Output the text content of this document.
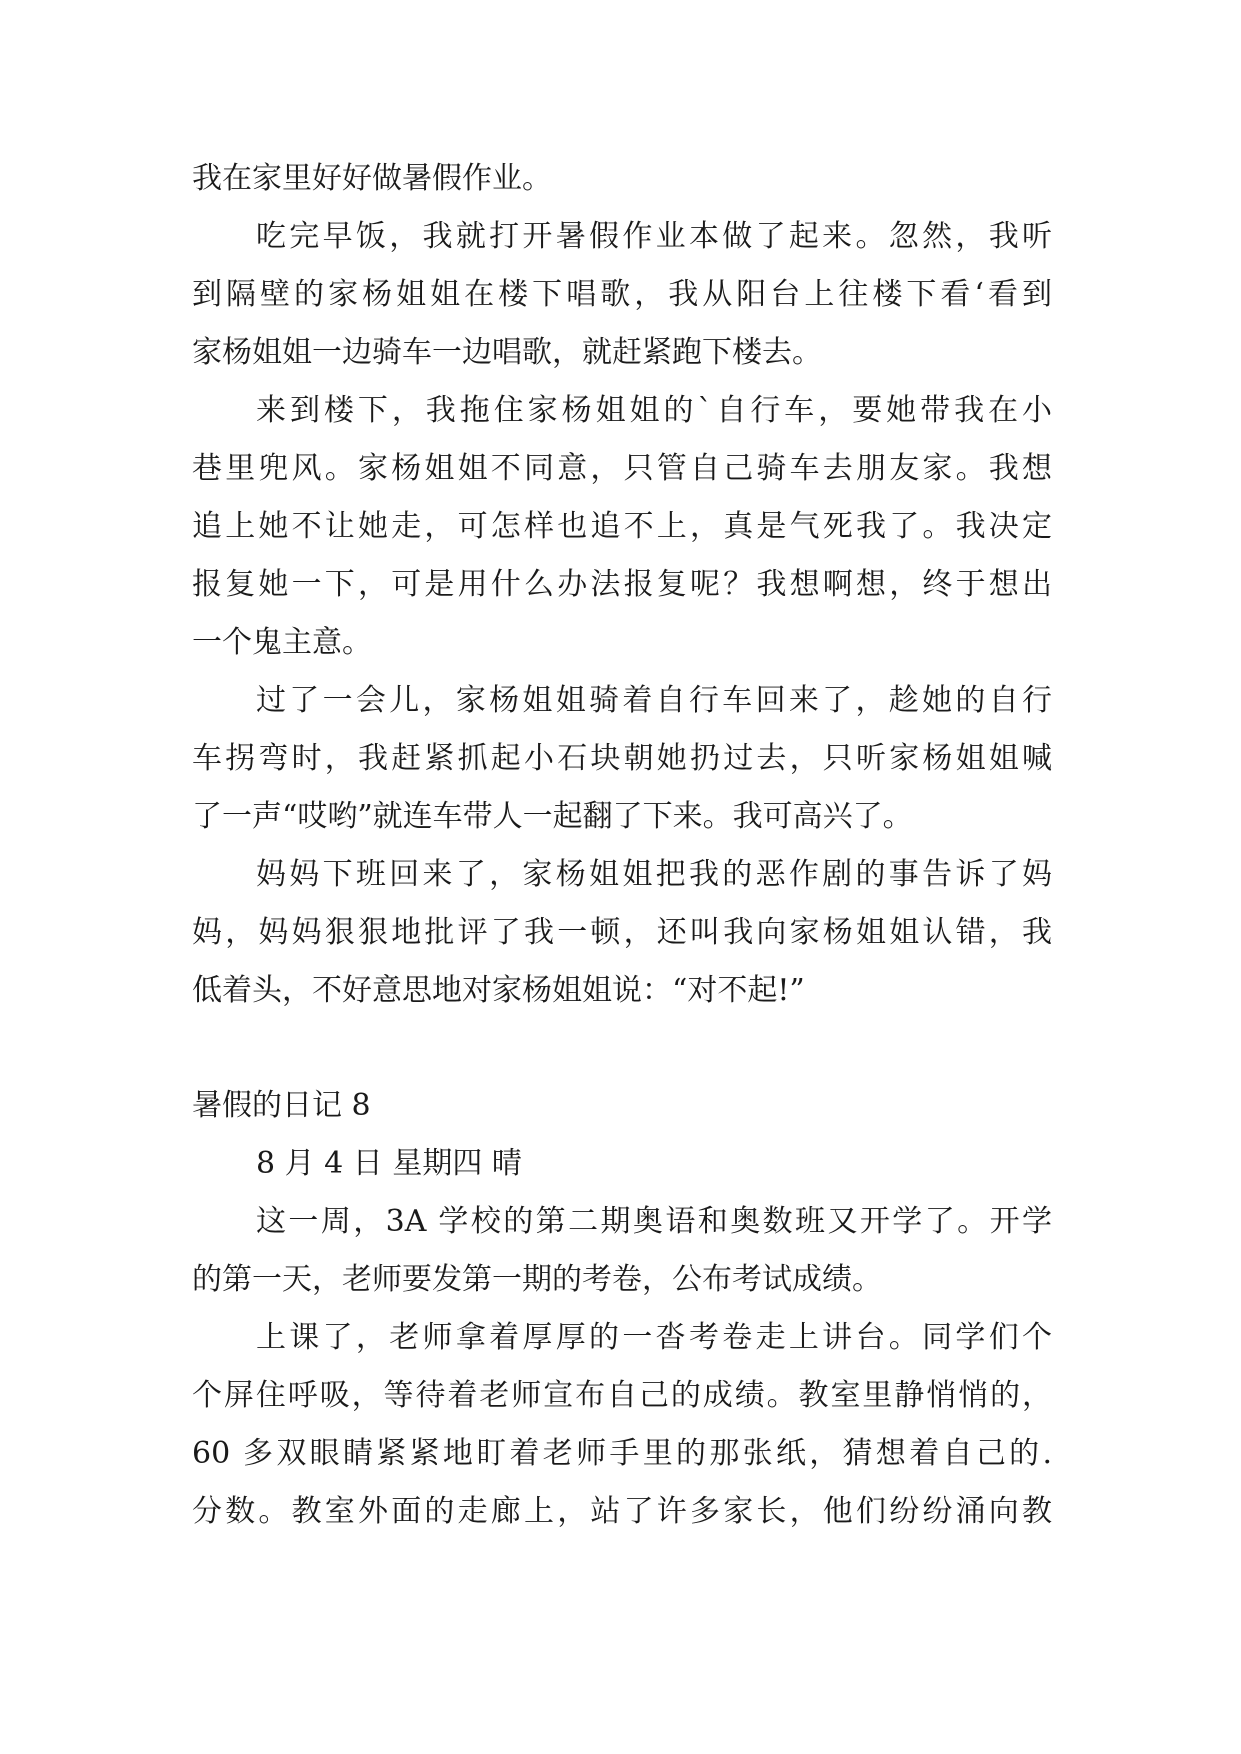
我在家里好好做暑假作业。
吃完早饭，我就打开暑假作业本做了起来。忽然，我听
到隔壁的家杨姐姐在楼下唱歌，我从阳台上往楼下看‘看到
家杨姐姐一边骑车一边唱歌，就赶紧跑下楼去。
来到楼下，我拖住家杨姐姐的`自行车，要她带我在小
巷里兜风。家杨姐姐不同意，只管自己骑车去朋友家。我想
追上她不让她走，可怎样也追不上，真是气死我了。我决定
报复她一下，可是用什么办法报复呢？我想啊想，终于想出
一个鬼主意。
过了一会儿，家杨姐姐骑着自行车回来了，趁她的自行
车拐弯时，我赶紧抓起小石块朝她扔过去，只听家杨姐姐喊
了一声“哎哟”就连车带人一起翻了下来。我可高兴了。
妈妈下班回来了，家杨姐姐把我的恶作剧的事告诉了妈
妈，妈妈狠狠地批评了我一顿，还叫我向家杨姐姐认错，我
低着头，不好意思地对家杨姐姐说：“对不起!”
暑假的日记 8
8 月 4 日 星期四 晴
这一周，3A 学校的第二期奥语和奥数班又开学了。开学
的第一天，老师要发第一期的考卷，公布考试成绩。
上课了，老师拿着厚厚的一沓考卷走上讲台。同学们个
个屏住呼吸，等待着老师宣布自己的成绩。教室里静悄悄的，
60 多双眼睛紧紧地盯着老师手里的那张纸，猜想着自己的.
分数。教室外面的走廊上，站了许多家长，他们纷纷涌向教
